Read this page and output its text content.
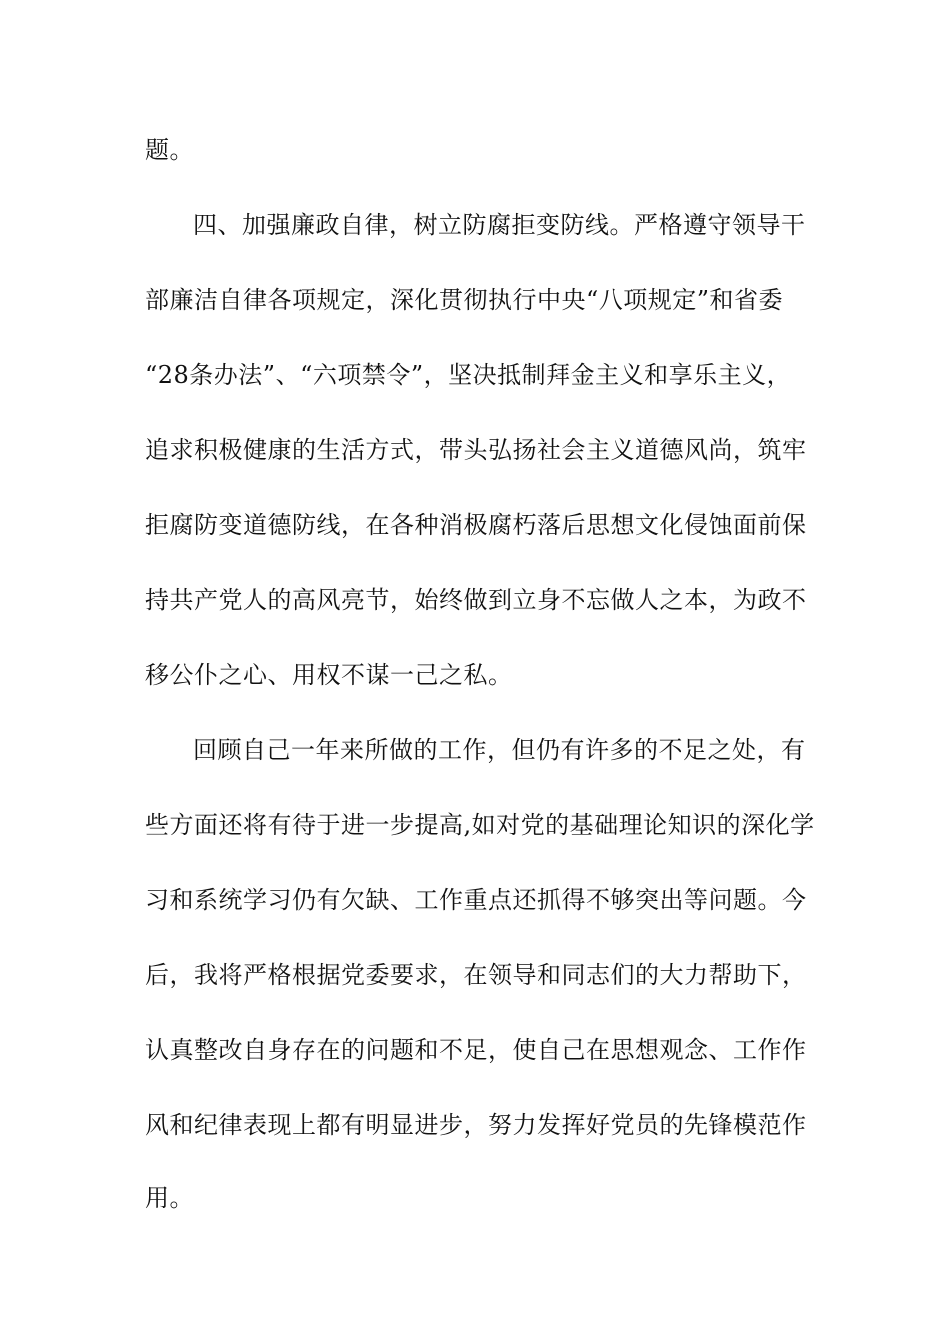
题。
四、加强廉政自律，树立防腐拒变防线。严格遵守领导干
部廉洁自律各项规定，深化贯彻执行中央“八项规定”和省委
“28条办法”、“六项禁令”，坚决抵制拜金主义和享乐主义，
追求积极健康的生活方式，带头弘扬社会主义道德风尚，筑牢
拒腐防变道德防线，在各种消极腐朽落后思想文化侵蚀面前保
持共产党人的高风亮节，始终做到立身不忘做人之本，为政不
移公仆之心、用权不谋一己之私。
回顾自己一年来所做的工作，但仍有许多的不足之处，有
些方面还将有待于进一步提高,如对党的基础理论知识的深化学
习和系统学习仍有欠缺、工作重点还抓得不够突出等问题。今
后，我将严格根据党委要求，在领导和同志们的大力帮助下，
认真整改自身存在的问题和不足，使自己在思想观念、工作作
风和纪律表现上都有明显进步，努力发挥好党员的先锋模范作
用。
